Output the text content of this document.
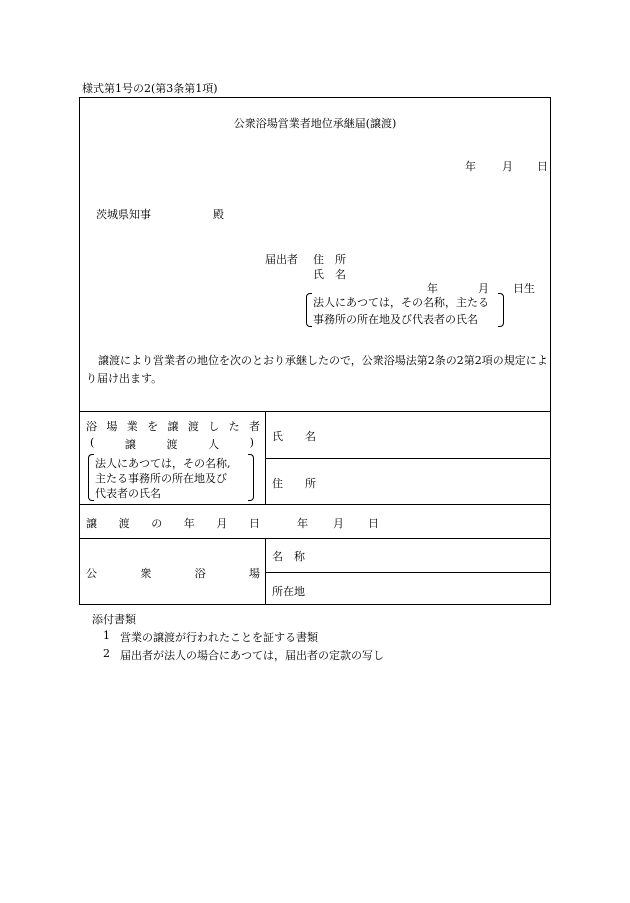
様式第1号の2(第3条第1項)
公衆浴場営業者地位承継届(譲渡)
年 月 日
茨城県知事	殿
届出者 住　所
氏　名
年	月 日生
法人にあつては，その名称，主たる
事務所の所在地及び代表者の氏名
譲渡により営業者の地位を次のとおり承継したので，公衆浴場法第2条の2第2項の規定により届け出ます。
浴 場 業 を 譲 渡 し た 者
(	譲	渡	人	)
法人にあつては，その名称,
主たる事務所の所在地及び
代表者の氏名
氏　　名
住　　所
譲 渡 の 年 月 日	年 月 日
公	衆	浴	場
名　称
所在地
添付書類
1 営業の譲渡が行われたことを証する書類
2 届出者が法人の場合にあつては，届出者の定款の写し
